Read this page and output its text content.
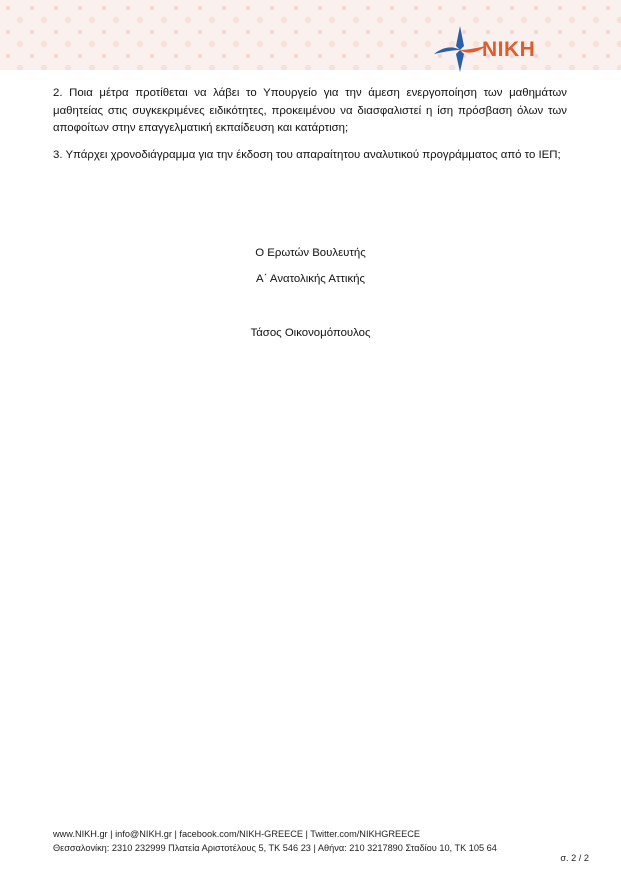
NIKH

2. Ποια μέτρα προτίθεται να λάβει το Υπουργείο για την άμεση ενεργοποίηση των μαθημάτων μαθητείας στις συγκεκριμένες ειδικότητες, προκειμένου να διασφαλιστεί η ίση πρόσβαση όλων των αποφοίτων στην επαγγελματική εκπαίδευση και κατάρτιση;

3. Υπάρχει χρονοδιάγραμμα για την έκδοση του απαραίτητου αναλυτικού προγράμματος από το ΙΕΠ;

Ο Ερωτών Βουλευτής
Α΄ Ανατολικής Αττικής
Τάσος Οικονομόπουλος
www.NIKH.gr | info@NIKH.gr | facebook.com/NIKH-GREECE | Twitter.com/NIKHGREECE
Θεσσαλονίκη: 2310 232999 Πλατεία Αριστοτέλους 5, ΤΚ 546 23 | Αθήνα: 210 3217890 Σταδίου 10, ΤΚ 105 64
σ. 2 / 2
